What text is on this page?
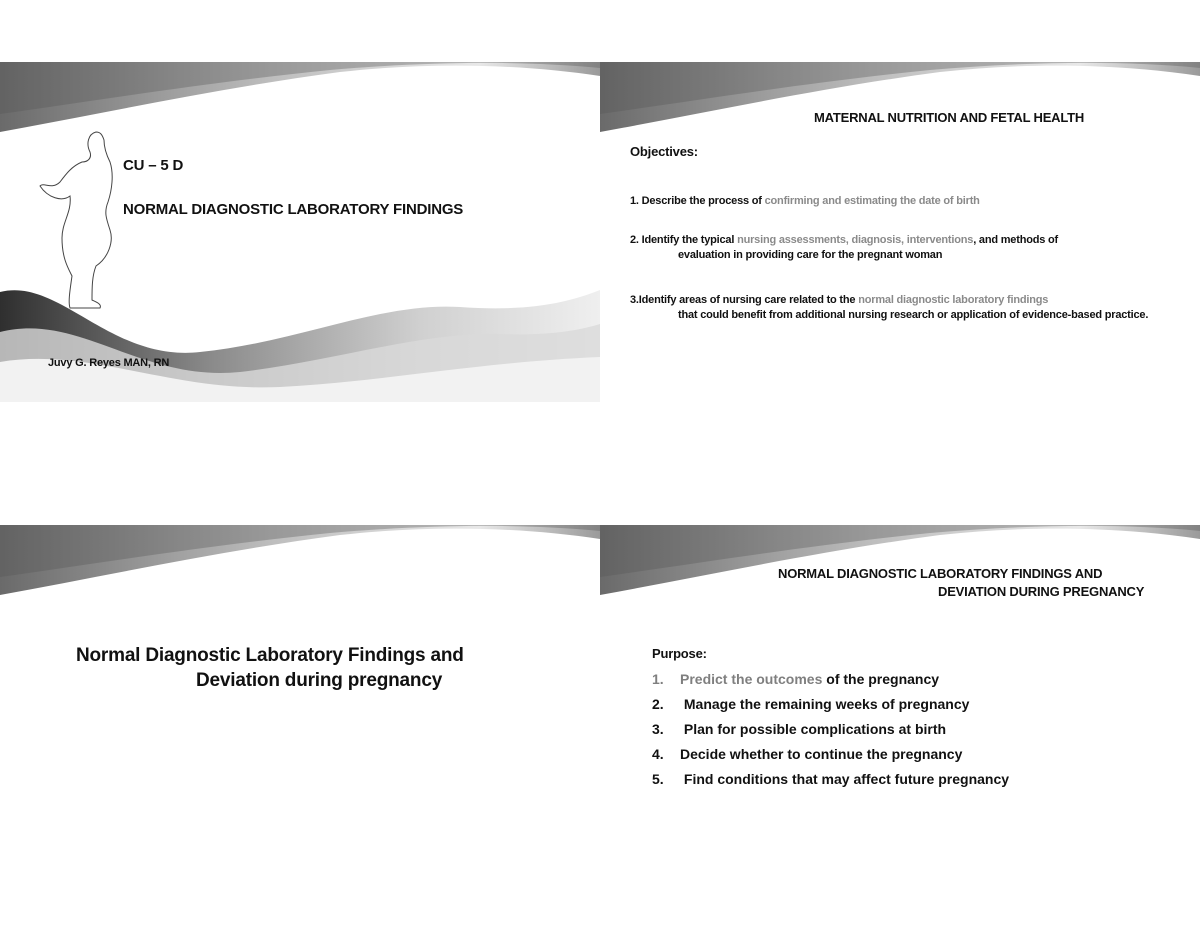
CU – 5 D
NORMAL DIAGNOSTIC LABORATORY FINDINGS
Juvy G. Reyes MAN, RN
MATERNAL NUTRITION AND FETAL HEALTH
Objectives:
1. Describe the process of confirming and estimating the date of birth
2. Identify the typical nursing assessments, diagnosis, interventions, and methods of
evaluation in providing care for the pregnant woman
3.Identify areas of nursing care related to the normal diagnostic laboratory findings
that could benefit from additional nursing research or application of evidence-based practice.
Normal Diagnostic Laboratory Findings and
Deviation during pregnancy
NORMAL DIAGNOSTIC LABORATORY FINDINGS AND
DEVIATION DURING PREGNANCY
Purpose:
1. Predict the outcomes of the pregnancy
2. Manage the remaining weeks of pregnancy
3. Plan for possible complications at birth
4. Decide whether to continue the pregnancy
5. Find conditions that may affect future pregnancy
